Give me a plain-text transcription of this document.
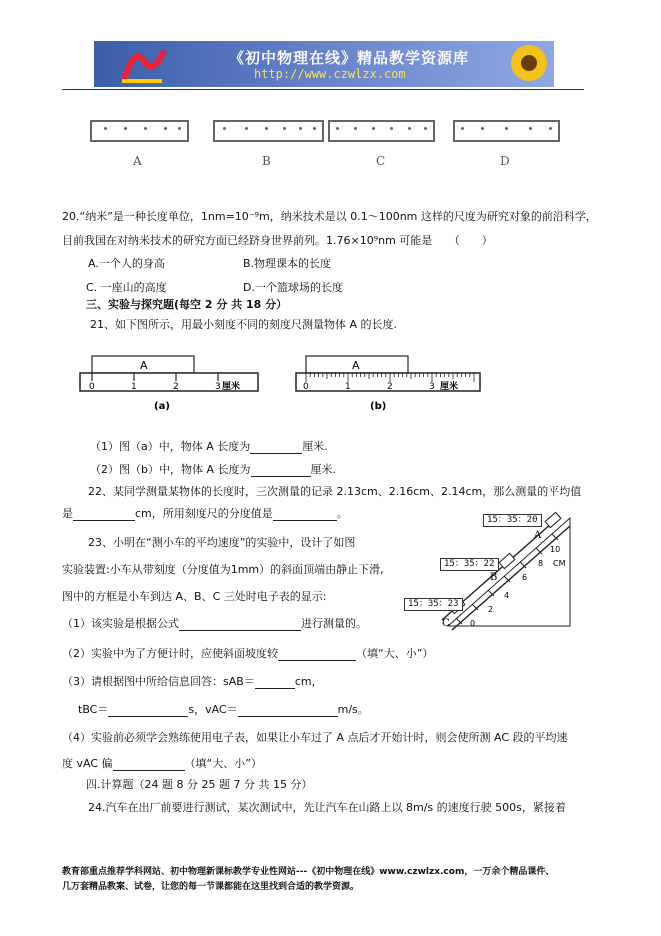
《初中物理在线》精品教学资源库
http://www.czwlzx.com
A	B	C	D
20.“纳米”是一种长度单位，1nm=10⁻⁹m，纳米技术是以 0.1～100nm 这样的尺度为研究对象的前沿科学，
目前我国在对纳米技术的研究方面已经跻身世界前列。1.76×10⁹nm 可能是　　（　　）
A.一个人的身高	B.物理课本的长度
C. 一座山的高度	D.一个篮球场的长度
三、实验与探究题(每空 2 分 共 18 分）
21、如下图所示，用最小刻度不同的刻度尺测量物体 A 的长度.
A
0	1	2	3 厘米
(a)
A
0	1	2	3 厘米
(b)
（1）图（a）中，物体 A 长度为	厘米.
（2）图（b）中，物体 A 长度为	厘米.
22、某同学测量某物体的长度时，三次测量的记录 2.13cm、2.16cm、2.14cm，那么测量的平均值
是	cm，所用刻度尺的分度值是	。
23、小明在“测小车的平均速度”的实验中，设计了如图
实验装置:小车从带刻度（分度值为1mm）的斜面顶端由静止下滑,
图中的方框是小车到达 A、B、C 三处时电子表的显示:
（1）该实验是根据公式	进行测量的。
（2）实验中为了方便计时，应使斜面坡度较	（填“大、小”）
（3）请根据图中所给信息回答：sAB＝	cm，
tBC＝	s，vAC＝	m/s。
（4）实验前必须学会熟练使用电子表，如果让小车过了 A 点后才开始计时，则会使所测 AC 段的平均速
度 vAC 偏	（填“大、小”）
A
B
C
10
8
6
4
2
0
CM
15：35：20
15：35：22
15：35：23
四.计算题（24 题 8 分 25 题 7 分 共 15 分）
24.汽车在出厂前要进行测试，某次测试中，先让汽车在山路上以 8m/s 的速度行驶 500s，紧接着
教育部重点推荐学科网站、初中物理新课标教学专业性网站---《初中物理在线》www.czwlzx.com，一万余个精品课件、
几万套精品教案、试卷，让您的每一节课都能在这里找到合适的教学资源。
